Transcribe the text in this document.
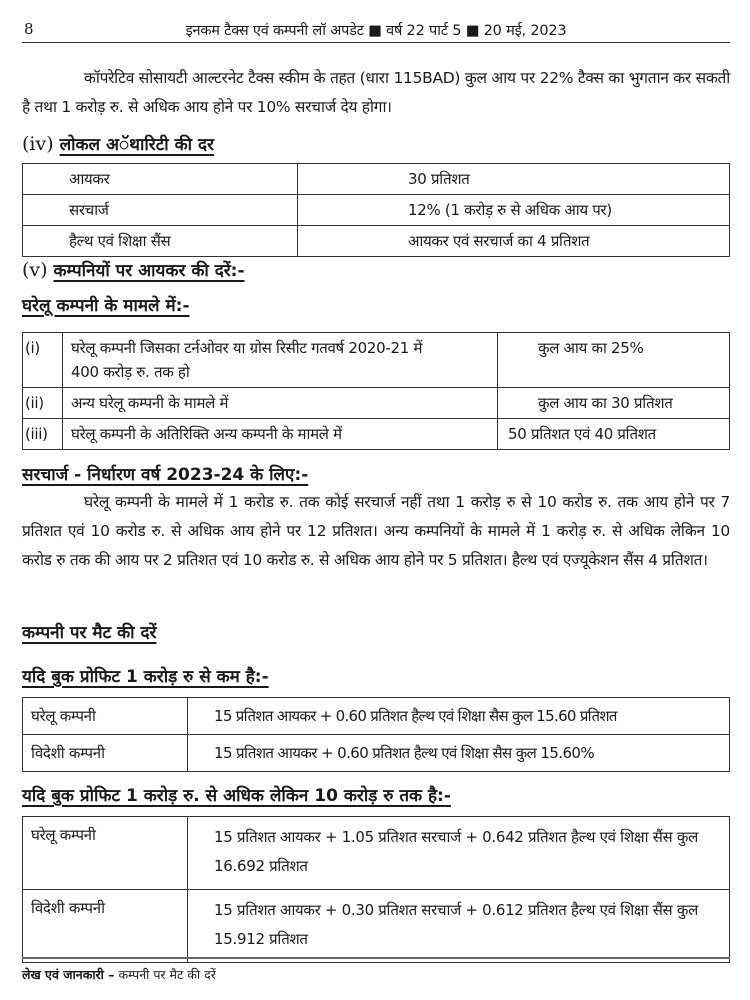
8	इनकम टैक्स एवं कम्पनी लॉ अपडेट ■ वर्ष 22 पार्ट 5 ■ 20 मई, 2023
कॉपरेटिव सोसायटी आल्टरनेट टैक्स स्कीम के तहत (धारा 115BAD) कुल आय पर 22% टैक्स का भुगतान कर सकती है तथा 1 करोड़ रु. से अधिक आय होने पर 10% सरचार्ज देय होगा।
(iv) लोकल अॅथारिटी की दर
आयकर	30 प्रतिशत
सरचार्ज	12% (1 करोड़ रु से अधिक आय पर)
हैल्थ एवं शिक्षा सैंस	आयकर एवं सरचार्ज का 4 प्रतिशत
(v) कम्पनियों पर आयकर की दरें:-
घरेलू कम्पनी के मामले में:-
(i)	घरेलू कम्पनी जिसका टर्नओवर या ग्रोस रिसीट गतवर्ष 2020-21 में 400 करोड़ रु. तक हो	कुल आय का 25%
(ii)	अन्य घरेलू कम्पनी के मामले में	कुल आय का 30 प्रतिशत
(iii)	घरेलू कम्पनी के अतिरिक्ति अन्य कम्पनी के मामले में	50 प्रतिशत एवं 40 प्रतिशत
सरचार्ज - निर्धारण वर्ष 2023-24 के लिए:-
घरेलू कम्पनी के मामले में 1 करोड रु. तक कोई सरचार्ज नहीं तथा 1 करोड़ रु से 10 करोड रु. तक आय होने पर 7 प्रतिशत एवं 10 करोड रु. से अधिक आय होने पर 12 प्रतिशत। अन्य कम्पनियों के मामले में 1 करोड़ रु. से अधिक लेकिन 10 करोड रु तक की आय पर 2 प्रतिशत एवं 10 करोड रु. से अधिक आय होने पर 5 प्रतिशत। हैल्थ एवं एज्यूकेशन सैंस 4 प्रतिशत।
कम्पनी पर मैट की दरें
यदि बुक प्रोफिट 1 करोड़ रु से कम है:-
घरेलू कम्पनी	15 प्रतिशत आयकर + 0.60 प्रतिशत हैल्थ एवं शिक्षा सैस कुल 15.60 प्रतिशत
विदेशी कम्पनी	15 प्रतिशत आयकर + 0.60 प्रतिशत हैल्थ एवं शिक्षा सैस कुल 15.60%
यदि बुक प्रोफिट 1 करोड़ रु. से अधिक लेकिन 10 करोड़ रु तक है:-
घरेलू कम्पनी	15 प्रतिशत आयकर + 1.05 प्रतिशत सरचार्ज + 0.642 प्रतिशत हैल्थ एवं शिक्षा सैंस कुल 16.692 प्रतिशत
विदेशी कम्पनी	15 प्रतिशत आयकर + 0.30 प्रतिशत सरचार्ज + 0.612 प्रतिशत हैल्थ एवं शिक्षा सैंस कुल 15.912 प्रतिशत
लेख एवं जानकारी – कम्पनी पर मैट की दरें
